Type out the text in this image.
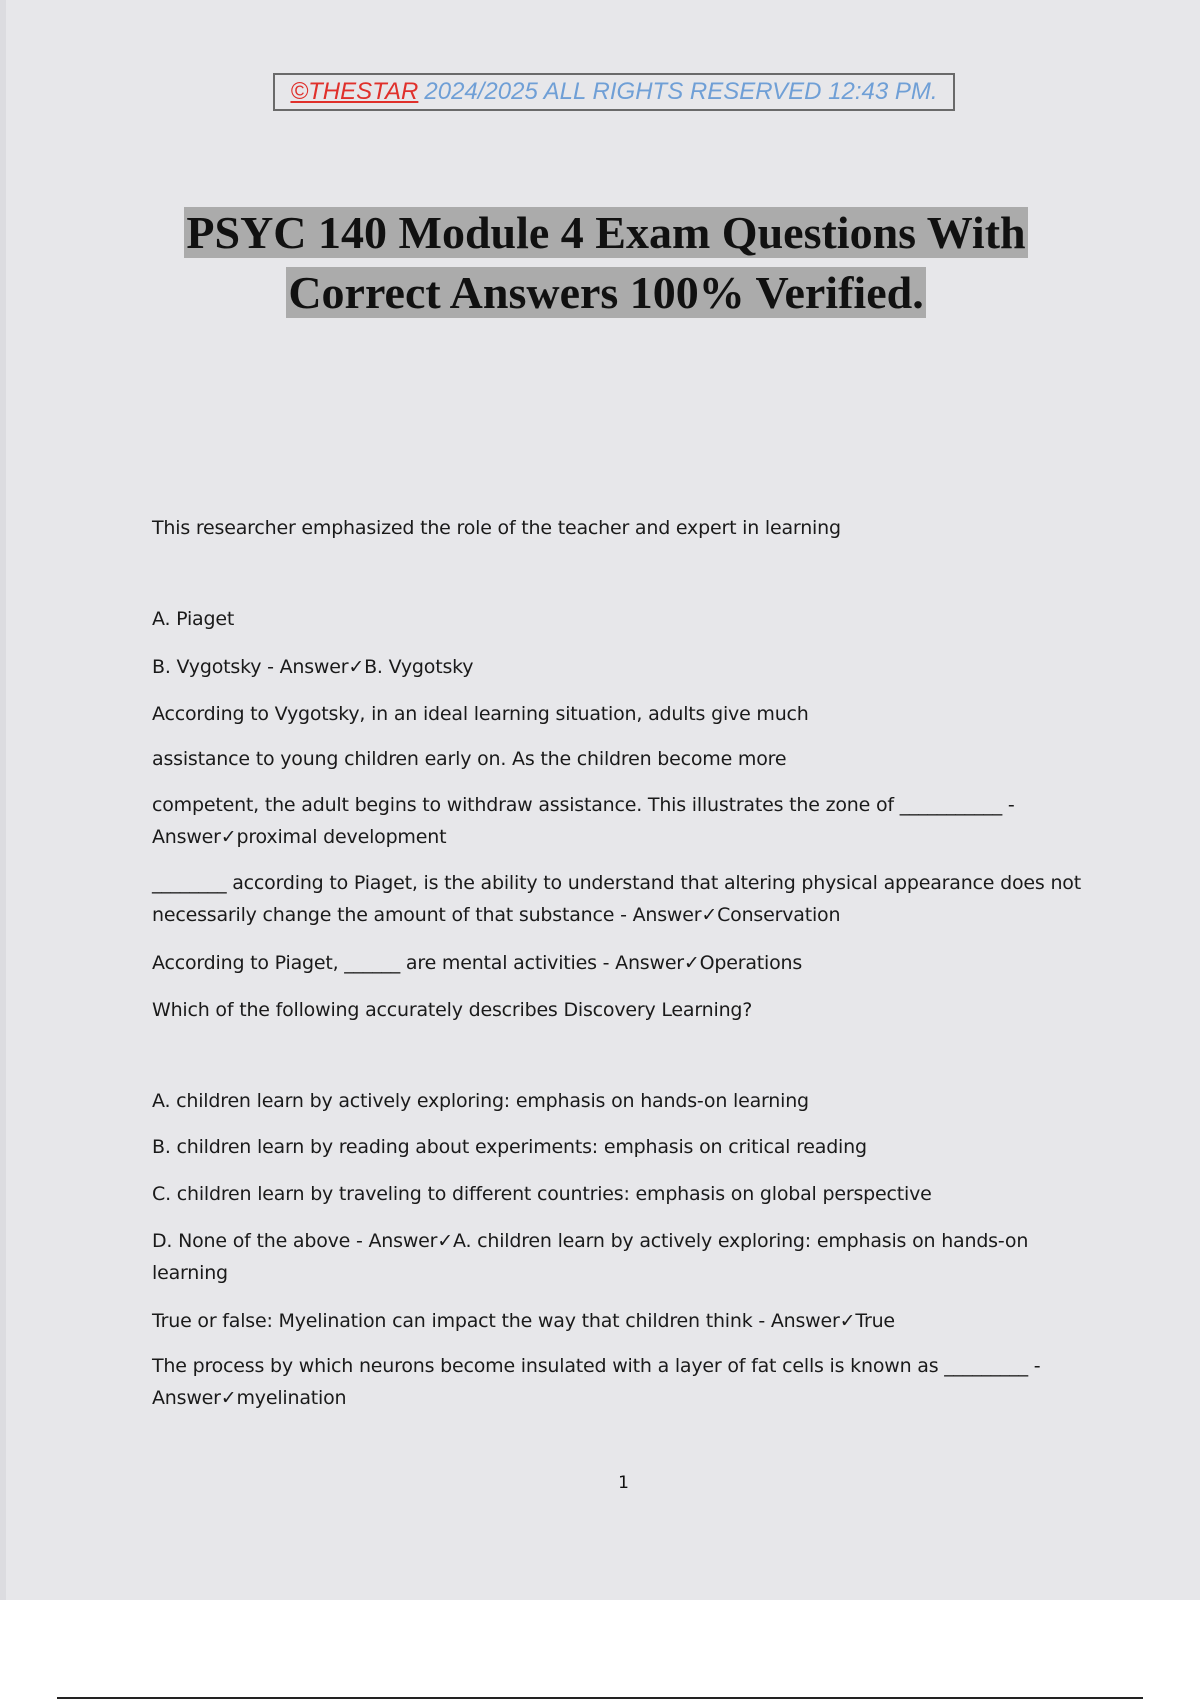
©THESTAR 2024/2025 ALL RIGHTS RESERVED 12:43 PM.
PSYC 140 Module 4 Exam Questions With
Correct Answers 100% Verified.

This researcher emphasized the role of the teacher and expert in learning

A. Piaget

B. Vygotsky - Answer✓B. Vygotsky

According to Vygotsky, in an ideal learning situation, adults give much

assistance to young children early on. As the children become more

competent, the adult begins to withdraw assistance. This illustrates the zone of ___________ - Answer✓proximal development

________ according to Piaget, is the ability to understand that altering physical appearance does not necessarily change the amount of that substance - Answer✓Conservation

According to Piaget, ______ are mental activities - Answer✓Operations

Which of the following accurately describes Discovery Learning?

A. children learn by actively exploring: emphasis on hands-on learning

B. children learn by reading about experiments: emphasis on critical reading

C. children learn by traveling to different countries: emphasis on global perspective

D. None of the above - Answer✓A. children learn by actively exploring: emphasis on hands-on learning

True or false: Myelination can impact the way that children think - Answer✓True

The process by which neurons become insulated with a layer of fat cells is known as _________ - Answer✓myelination

1
